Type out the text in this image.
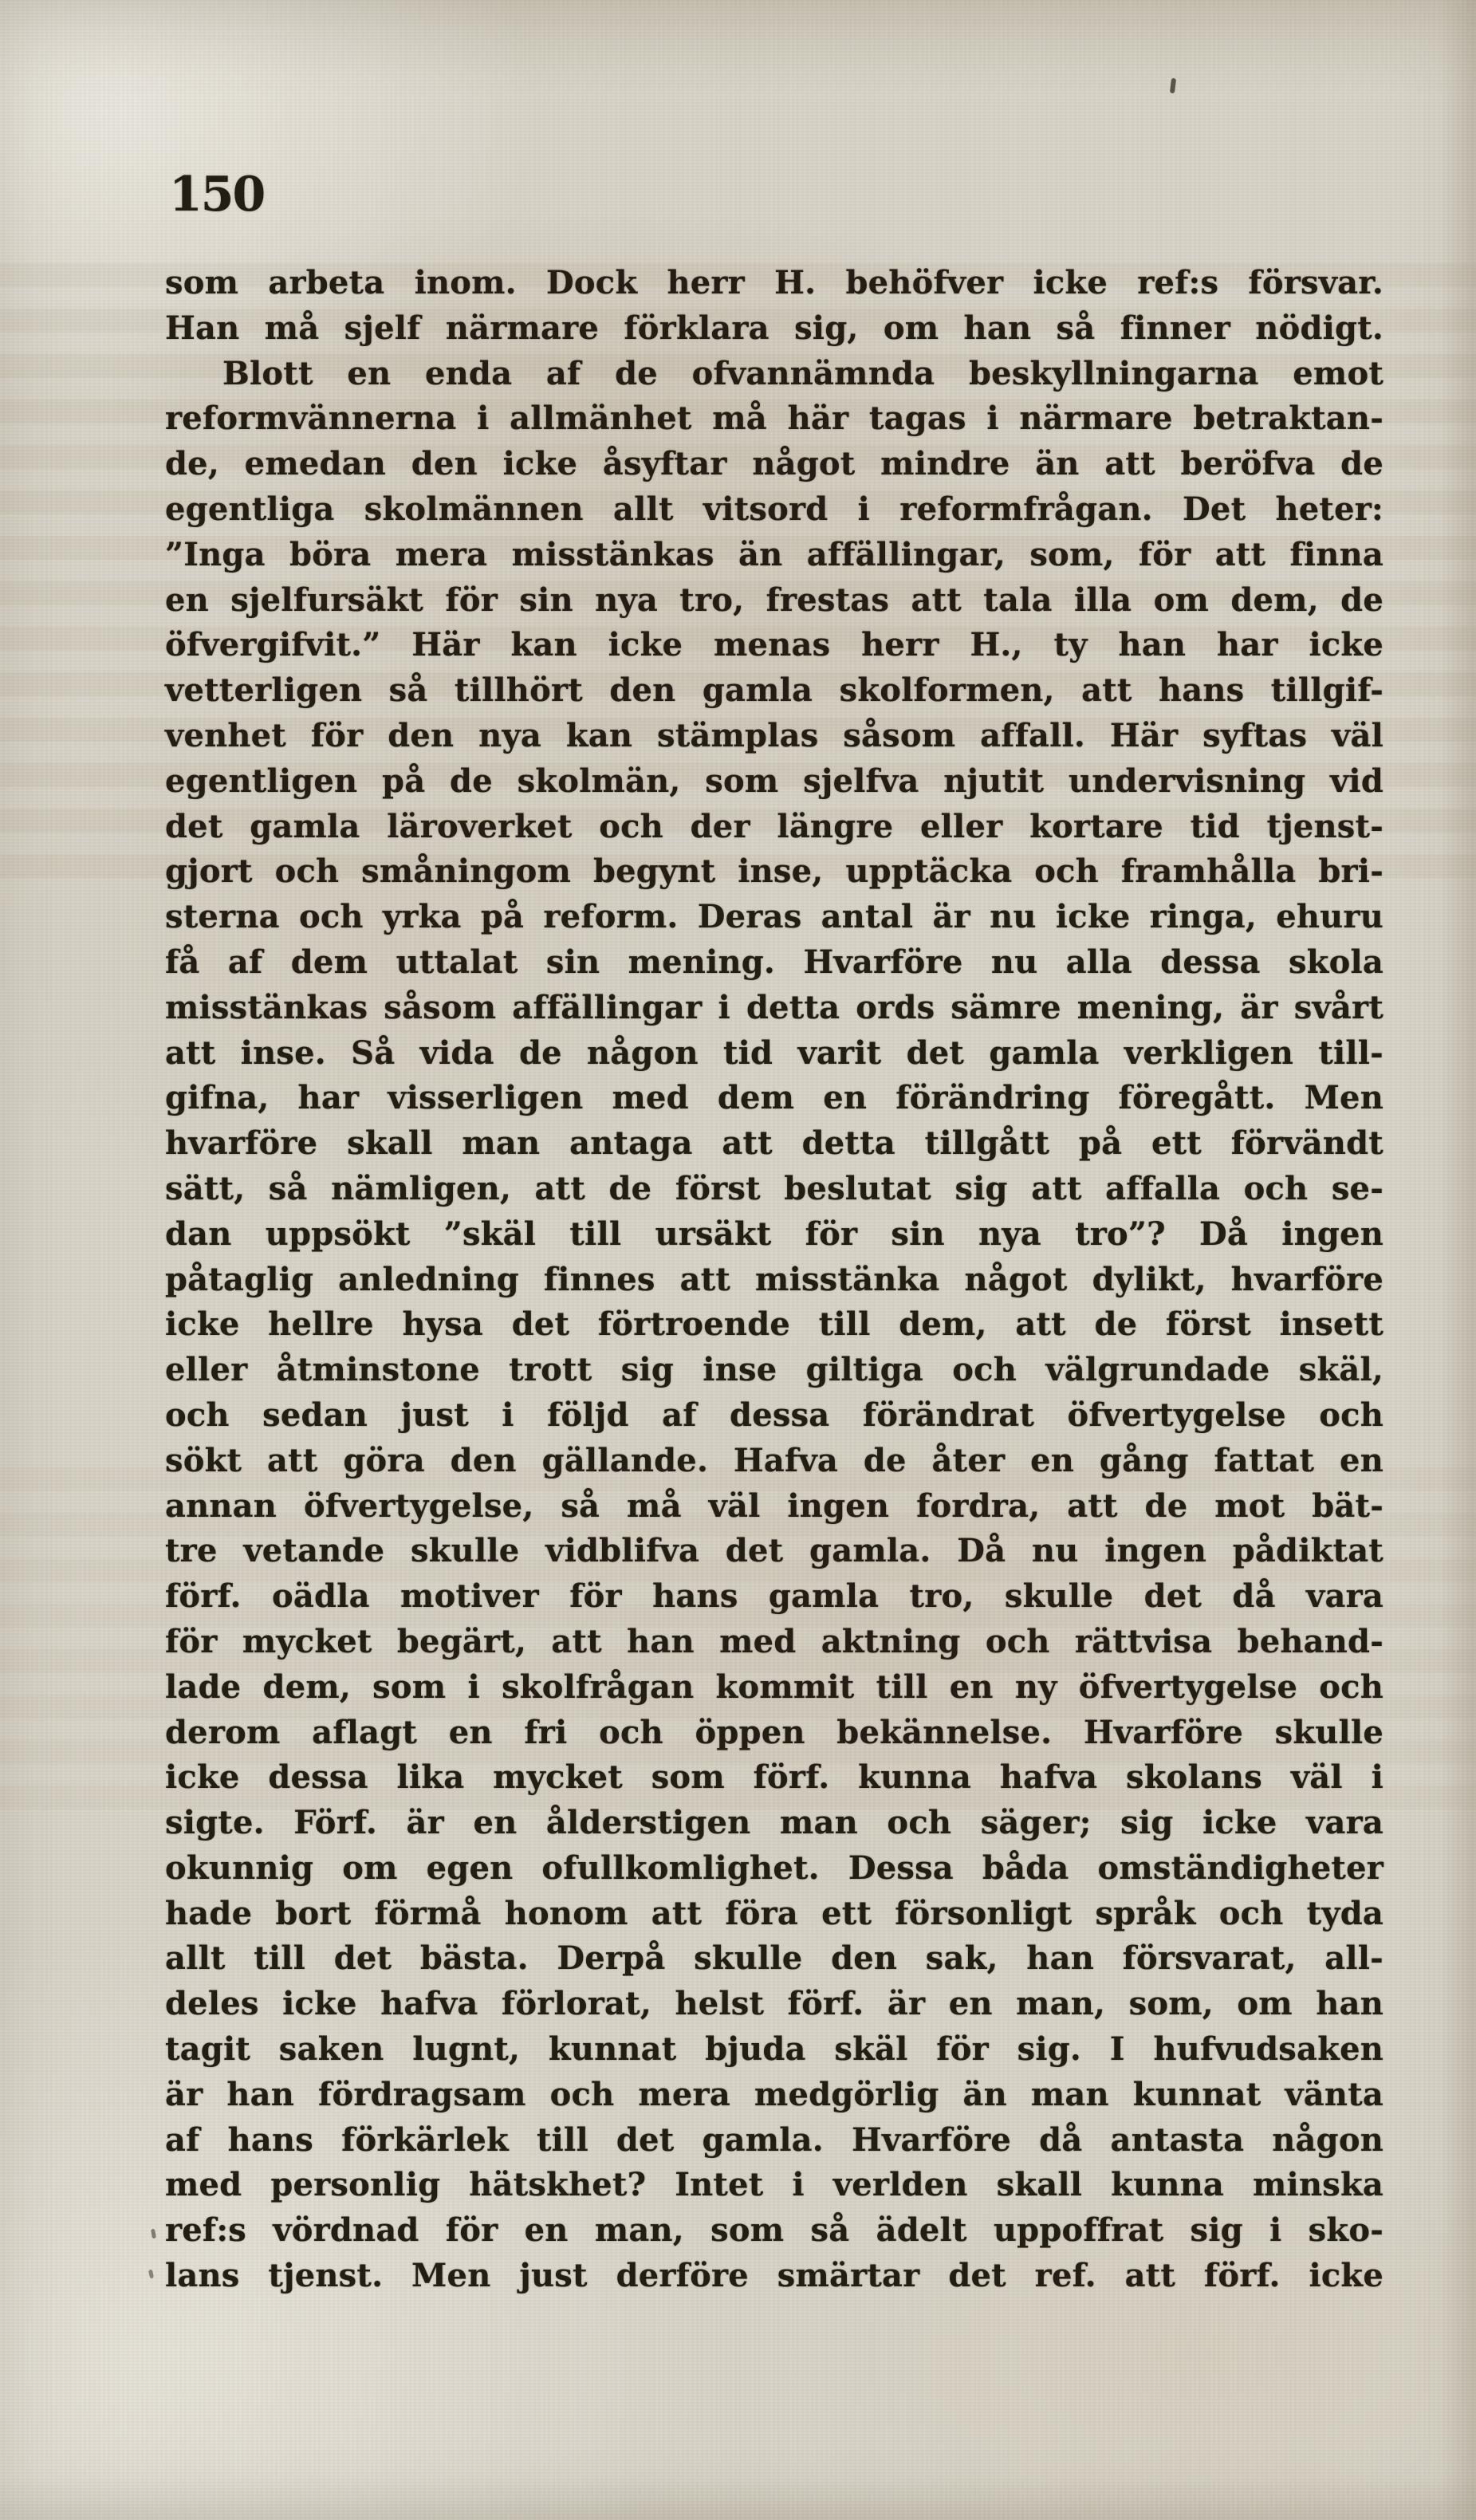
150
som arbeta inom. Dock herr H. behöfver icke ref:s försvar.
Han må sjelf närmare förklara sig, om han så finner nödigt.
Blott en enda af de ofvannämnda beskyllningarna emot
reformvännerna i allmänhet må här tagas i närmare betraktan-
de, emedan den icke åsyftar något mindre än att beröfva de
egentliga skolmännen allt vitsord i reformfrågan. Det heter:
”Inga böra mera misstänkas än affällingar, som, för att finna
en sjelfursäkt för sin nya tro, frestas att tala illa om dem, de
öfvergifvit.” Här kan icke menas herr H., ty han har icke
vetterligen så tillhört den gamla skolformen, att hans tillgif-
venhet för den nya kan stämplas såsom affall. Här syftas väl
egentligen på de skolmän, som sjelfva njutit undervisning vid
det gamla läroverket och der längre eller kortare tid tjenst-
gjort och småningom begynt inse, upptäcka och framhålla bri-
sterna och yrka på reform. Deras antal är nu icke ringa, ehuru
få af dem uttalat sin mening. Hvarföre nu alla dessa skola
misstänkas såsom affällingar i detta ords sämre mening, är svårt
att inse. Så vida de någon tid varit det gamla verkligen till-
gifna, har visserligen med dem en förändring föregått. Men
hvarföre skall man antaga att detta tillgått på ett förvändt
sätt, så nämligen, att de först beslutat sig att affalla och se-
dan uppsökt ”skäl till ursäkt för sin nya tro”? Då ingen
påtaglig anledning finnes att misstänka något dylikt, hvarföre
icke hellre hysa det förtroende till dem, att de först insett
eller åtminstone trott sig inse giltiga och välgrundade skäl,
och sedan just i följd af dessa förändrat öfvertygelse och
sökt att göra den gällande. Hafva de åter en gång fattat en
annan öfvertygelse, så må väl ingen fordra, att de mot bät-
tre vetande skulle vidblifva det gamla. Då nu ingen pådiktat
förf. oädla motiver för hans gamla tro, skulle det då vara
för mycket begärt, att han med aktning och rättvisa behand-
lade dem, som i skolfrågan kommit till en ny öfvertygelse och
derom aflagt en fri och öppen bekännelse. Hvarföre skulle
icke dessa lika mycket som förf. kunna hafva skolans väl i
sigte. Förf. är en ålderstigen man och säger; sig icke vara
okunnig om egen ofullkomlighet. Dessa båda omständigheter
hade bort förmå honom att föra ett försonligt språk och tyda
allt till det bästa. Derpå skulle den sak, han försvarat, all-
deles icke hafva förlorat, helst förf. är en man, som, om han
tagit saken lugnt, kunnat bjuda skäl för sig. I hufvudsaken
är han fördragsam och mera medgörlig än man kunnat vänta
af hans förkärlek till det gamla. Hvarföre då antasta någon
med personlig hätskhet? Intet i verlden skall kunna minska
ref:s vördnad för en man, som så ädelt uppoffrat sig i sko-
lans tjenst. Men just derföre smärtar det ref. att förf. icke
